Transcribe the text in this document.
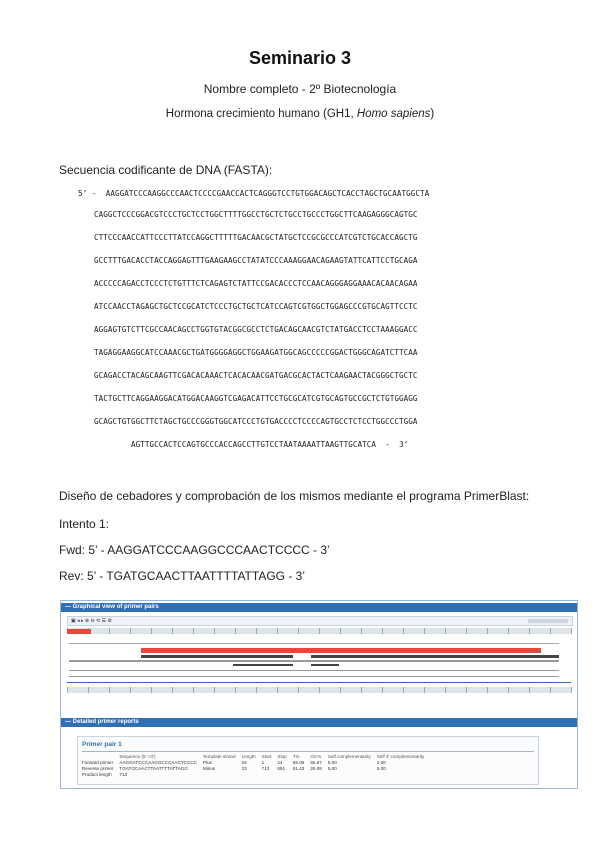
Seminario 3
Nombre completo - 2º Biotecnología
Hormona crecimiento humano (GH1, Homo sapiens)
Secuencia codificante de DNA (FASTA):
5’ -  AAGGATCCCAAGGCCCAACTCCCCGAACCACTCAGGGTCCTGTGGACAGCTCACCTAGCTGCAATGGCTA
CAGGCTCCCGGACGTCCCTGCTCCTGGCTTTTGGCCTGCTCTGCCTGCCCTGGCTTCAAGAGGGCAGTGC
CTTCCCAACCATTCCCTTATCCAGGCTTTTTGACAACGCTATGCTCCGCGCCCATCGTCTGCACCAGCTG
GCCTTTGACACCTACCAGGAGTTTGAAGAAGCCTATATCCCAAAGGAACAGAAGTATTCATTCCTGCAGA
ACCCCCAGACCTCCCTCTGTTTCTCAGAGTCTATTCCGACACCCTCCAACAGGGAGGAAACACAACAGAA
ATCCAACCTAGAGCTGCTCCGCATCTCCCTGCTGCTCATCCAGTCGTGGCTGGAGCCCGTGCAGTTCCTC
AGGAGTGTCTTCGCCAACAGCCTGGTGTACGGCGCCTCTGACAGCAACGTCTATGACCTCCTAAAGGACC
TAGAGGAAGGCATCCAAACGCTGATGGGGAGGCTGGAAGATGGCAGCCCCCGGACTGGGCAGATCTTCAA
GCAGACCTACAGCAAGTTCGACACAAACTCACACAACGATGACGCACTACTCAAGAACTACGGGCTGCTC
TACTGCTTCAGGAAGGACATGGACAAGGTCGAGACATTCCTGCGCATCGTGCAGTGCCGCTCTGTGGAGG
GCAGCTGTGGCTTCTAGCTGCCCGGGTGGCATCCCTGTGACCCCTCCCCAGTGCCTCTCCTGGCCCTGGA
AGTTGCCACTCCAGTGCCCACCAGCCTTGTCCTAATAAAATTAAGTTGCATCA  -  3’
Diseño de cebadores y comprobación de los mismos mediante el programa PrimerBlast:
Intento 1:
Fwd: 5’ - AAGGATCCCAAGGCCCAACTCCCC - 3’
Rev: 5’ - TGATGCAACTTAATTTTATTAGG - 3’
— Graphical view of primer pairs
▣ ◂ ▸ ⊕ ⊖ ⟲ ☰ ⚙
— Detailed primer reports
Primer pair 1
	Sequence (5'->3')	Template strand	Length	Start	Stop	Tm	GC%	Self complementarity	Self 3' complementarity
Forward primer	AAGGATCCCAAGGCCCAACTCCCC	Plus	24	1	24	65.06	66.67	5.00	2.00
Reverse primer	TGATGCAACTTAATTTTATTAGG	Minus	23	713	691	51.43	26.09	5.00	5.00
Product length	713								
